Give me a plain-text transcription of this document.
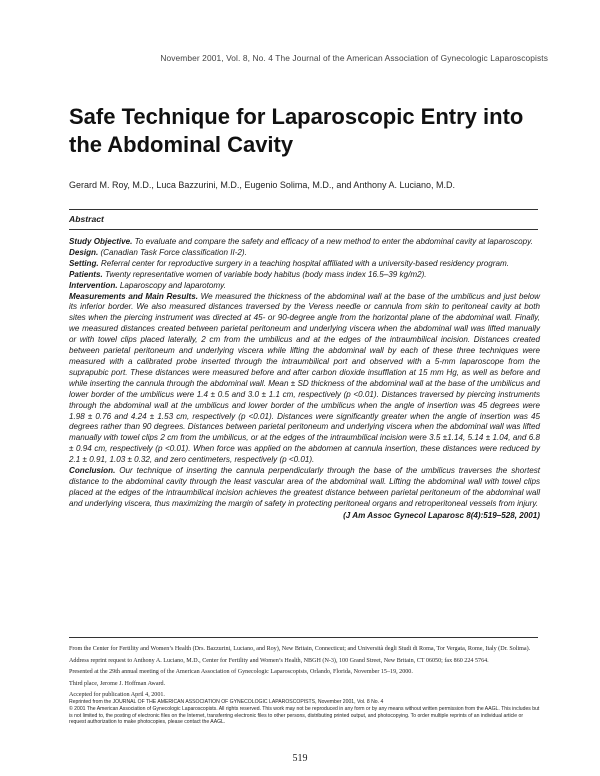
November 2001, Vol. 8, No. 4 The Journal of the American Association of Gynecologic Laparoscopists
Safe Technique for Laparoscopic Entry into the Abdominal Cavity
Gerard M. Roy, M.D., Luca Bazzurini, M.D., Eugenio Solima, M.D., and Anthony A. Luciano, M.D.
Abstract

Study Objective. To evaluate and compare the safety and efficacy of a new method to enter the abdominal cavity at laparoscopy.

Design. (Canadian Task Force classification II-2).

Setting. Referral center for reproductive surgery in a teaching hospital affiliated with a university-based residency program.

Patients. Twenty representative women of variable body habitus (body mass index 16.5–39 kg/m2).

Intervention. Laparoscopy and laparotomy.

Measurements and Main Results. We measured the thickness of the abdominal wall at the base of the umbilicus and just below its inferior border. We also measured distances traversed by the Veress needle or cannula from skin to peritoneal cavity at both sites when the piercing instrument was directed at 45- or 90-degree angle from the horizontal plane of the abdominal wall. Finally, we measured distances created between parietal peritoneum and underlying viscera when the abdominal wall was lifted manually or with towel clips placed laterally, 2 cm from the umbilicus and at the edges of the intraumbilical incision. Distances created between parietal peritoneum and underlying viscera while lifting the abdominal wall by each of these three techniques were measured with a calibrated probe inserted through the intraumbilical port and observed with a 5-mm laparoscope from the suprapubic port. These distances were measured before and after carbon dioxide insufflation at 15 mm Hg, as well as before and while inserting the cannula through the abdominal wall. Mean ± SD thickness of the abdominal wall at the base of the umbilicus and lower border of the umbilicus were 1.4 ± 0.5 and 3.0 ± 1.1 cm, respectively (p <0.01). Distances traversed by piercing instruments through the abdominal wall at the umbilicus and lower border of the umbilicus when the angle of insertion was 45 degrees were 1.98 ± 0.76 and 4.24 ± 1.53 cm, respectively (p <0.01). Distances were significantly greater when the angle of insertion was 45 degrees rather than 90 degrees. Distances between parietal peritoneum and underlying viscera when the abdominal wall was lifted manually with towel clips 2 cm from the umbilicus, or at the edges of the intraumbilical incision were 3.5 ±1.14, 5.14 ± 1.04, and 6.8 ± 0.94 cm, respectively (p <0.01). When force was applied on the abdomen at cannula insertion, these distances were reduced by 2.1 ± 0.91, 1.03 ± 0.32, and zero centimeters, respectively (p <0.01).

Conclusion. Our technique of inserting the cannula perpendicularly through the base of the umbilicus traverses the shortest distance to the abdominal cavity through the least vascular area of the abdominal wall. Lifting the abdominal wall with towel clips placed at the edges of the intraumbilical incision achieves the greatest distance between parietal peritoneum of the abdominal wall and underlying viscera, thus maximizing the margin of safety in protecting peritoneal organs and retroperitoneal vessels from injury.

(J Am Assoc Gynecol Laparosc 8(4):519–528, 2001)

From the Center for Fertility and Women’s Health (Drs. Bazzurini, Luciano, and Roy), New Britain, Connecticut; and Università degli Studi di Roma, Tor Vergata, Rome, Italy (Dr. Solima).

Address reprint request to Anthony A. Luciano, M.D., Center for Fertility and Women’s Health, NBGH (N-3), 100 Grand Street, New Britain, CT 06050; fax 860 224 5764.

Presented at the 29th annual meeting of the American Association of Gynecologic Laparoscopists, Orlando, Florida, November 15–19, 2000.

Third place, Jerome J. Hoffman Award.

Accepted for publication April 4, 2001.

Reprinted from the JOURNAL OF THE AMERICAN ASSOCIATION OF GYNECOLOGIC LAPAROSCOPISTS, November 2001, Vol. 8 No. 4

© 2001 The American Association of Gynecologic Laparoscopists. All rights reserved. This work may not be reproduced in any form or by any means without written permission from the AAGL. This includes but is not limited to, the posting of electronic files on the Internet, transferring electronic files to other persons, distributing printed output, and photocopying. To order multiple reprints of an individual article or request authorization to make photocopies, please contact the AAGL.

519
